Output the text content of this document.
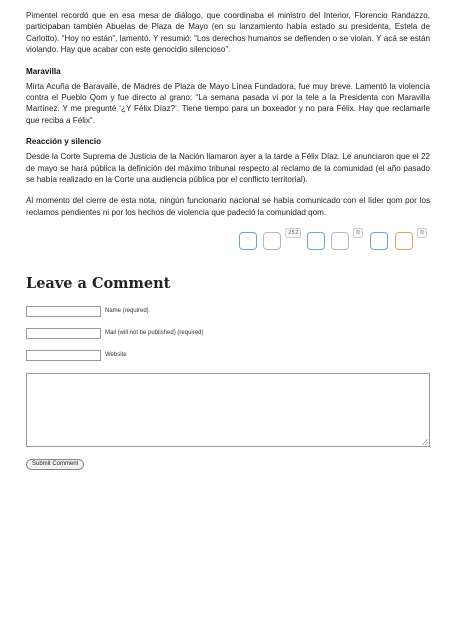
Pimentel recordó que en esa mesa de diálogo, que coordinaba el ministro del Interior, Florencio Randazzo, participaban también Abuelas de Plaza de Mayo (en su lanzamiento había estado su presidenta, Estela de Carlotto). “Hoy no están”, lamentó. Y resumió: “Los derechos humanos se defienden o se violan. Y acá se están violando. Hay que acabar con este genocidio silencioso”.

Maravilla

Mirta Acuña de Baravalle, de Madres de Plaza de Mayo Línea Fundadora, fue muy breve. Lamentó la violencia contra el Pueblo Qom y fue directo al grano: “La semana pasada vi por la tele a la Presidenta con Maravilla Martínez. Y me pregunté ‘¿Y Félix Díaz?’. Tiene tiempo para un boxeador y no para Félix. Hay que reclamarle que reciba a Félix”.

Reacción y silencio

Desde la Corte Suprema de Justicia de la Nación llamaron ayer a la tarde a Félix Díaz. Le anunciaron que el 22 de mayo se hará pública la definición del máximo tribunal respecto al reclamo de la comunidad (el año pasado se había realizado en la Corte una audiencia pública por el conflicto territorial).

Al momento del cierre de esta nota, ningún funcionario nacional se había comunicado con el líder qom por los reclamos pendientes ni por los hechos de violencia que padeció la comunidad qom.

252	0	0
Leave a Comment
Name (required)
Mail (will not be published) (required)
Website
Submit Comment
